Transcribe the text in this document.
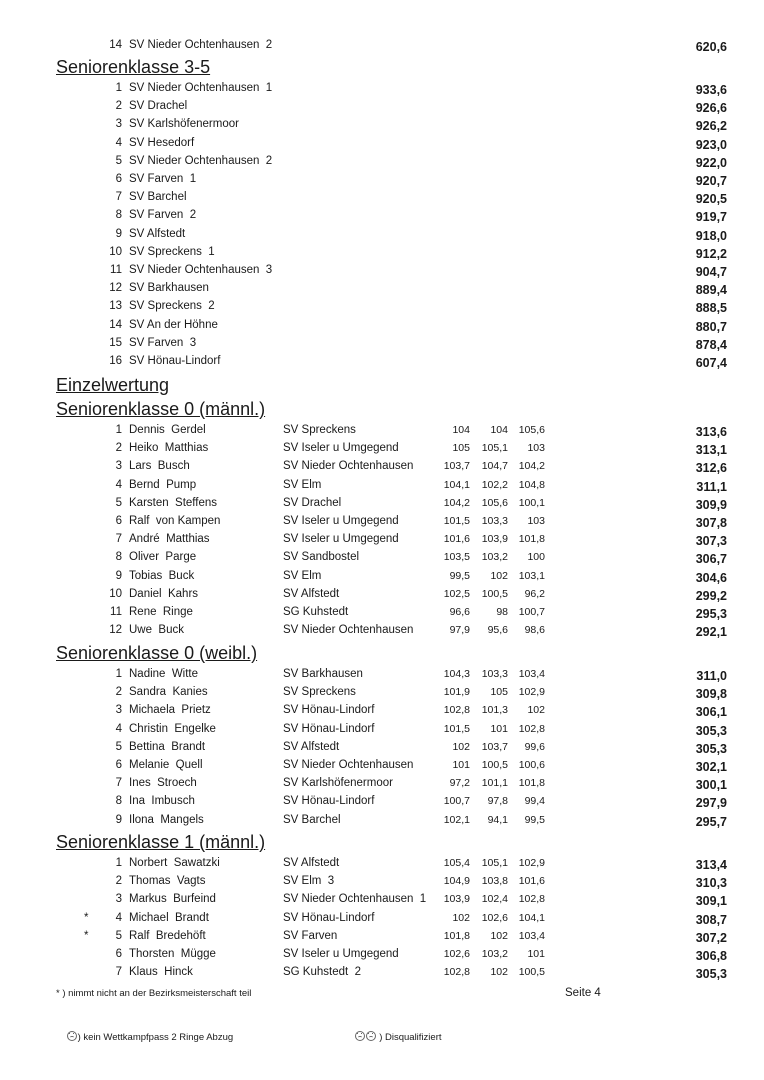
14 SV Nieder Ochtenhausen  2	620,6
Seniorenklasse 3-5
1 SV Nieder Ochtenhausen  1	933,6
2 SV Drachel	926,6
3 SV Karlshöfenermoor	926,2
4 SV Hesedorf	923,0
5 SV Nieder Ochtenhausen  2	922,0
6 SV Farven  1	920,7
7 SV Barchel	920,5
8 SV Farven  2	919,7
9 SV Alfstedt	918,0
10 SV Spreckens  1	912,2
11 SV Nieder Ochtenhausen  3	904,7
12 SV Barkhausen	889,4
13 SV Spreckens  2	888,5
14 SV An der Höhne	880,7
15 SV Farven  3	878,4
16 SV Hönau-Lindorf	607,4
Einzelwertung
Seniorenklasse 0 (männl.)
1 Dennis  Gerdel	SV Spreckens	104	104	105,6	313,6
2 Heiko  Matthias	SV Iseler u Umgegend	105	105,1	103	313,1
3 Lars  Busch	SV Nieder Ochtenhausen	103,7	104,7	104,2	312,6
4 Bernd  Pump	SV Elm	104,1	102,2	104,8	311,1
5 Karsten  Steffens	SV Drachel	104,2	105,6	100,1	309,9
6 Ralf  von Kampen	SV Iseler u Umgegend	101,5	103,3	103	307,8
7 André  Matthias	SV Iseler u Umgegend	101,6	103,9	101,8	307,3
8 Oliver  Parge	SV Sandbostel	103,5	103,2	100	306,7
9 Tobias  Buck	SV Elm	99,5	102	103,1	304,6
10 Daniel  Kahrs	SV Alfstedt	102,5	100,5	96,2	299,2
11 Rene  Ringe	SG Kuhstedt	96,6	98	100,7	295,3
12 Uwe  Buck	SV Nieder Ochtenhausen	97,9	95,6	98,6	292,1
Seniorenklasse 0 (weibl.)
1 Nadine  Witte	SV Barkhausen	104,3	103,3	103,4	311,0
2 Sandra  Kanies	SV Spreckens	101,9	105	102,9	309,8
3 Michaela  Prietz	SV Hönau-Lindorf	102,8	101,3	102	306,1
4 Christin  Engelke	SV Hönau-Lindorf	101,5	101	102,8	305,3
5 Bettina  Brandt	SV Alfstedt	102	103,7	99,6	305,3
6 Melanie  Quell	SV Nieder Ochtenhausen	101	100,5	100,6	302,1
7 Ines  Stroech	SV Karlshöfenermoor	97,2	101,1	101,8	300,1
8 Ina  Imbusch	SV Hönau-Lindorf	100,7	97,8	99,4	297,9
9 Ilona  Mangels	SV Barchel	102,1	94,1	99,5	295,7
Seniorenklasse 1 (männl.)
1 Norbert  Sawatzki	SV Alfstedt	105,4	105,1	102,9	313,4
2 Thomas  Vagts	SV Elm  3	104,9	103,8	101,6	310,3
3 Markus  Burfeind	SV Nieder Ochtenhausen  1	103,9	102,4	102,8	309,1
*	4 Michael  Brandt	SV Hönau-Lindorf	102	102,6	104,1	308,7
*	5 Ralf  Bredehöft	SV Farven	101,8	102	103,4	307,2
6 Thorsten  Mügge	SV Iseler u Umgegend	102,6	103,2	101	306,8
7 Klaus  Hinck	SG Kuhstedt  2	102,8	102	100,5	305,3
* ) nimmt nicht an der Bezirksmeisterschaft teil	Seite 4

) kein Wettkampfpass 2 Ringe Abzug
	) Disqualifiziert
